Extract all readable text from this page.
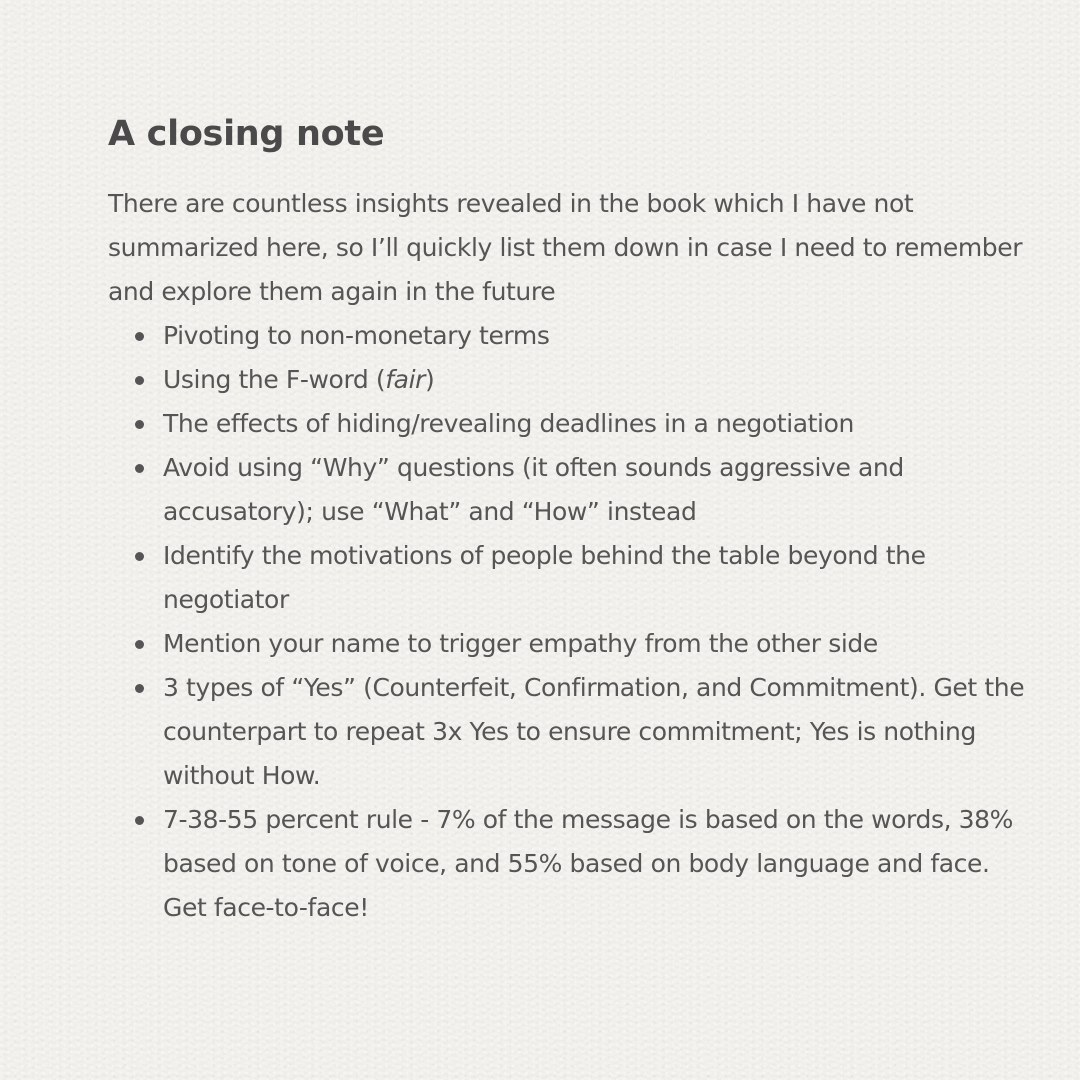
A closing note

There are countless insights revealed in the book which I have not summarized here, so I’ll quickly list them down in case I need to remember and explore them again in the future

Pivoting to non-monetary terms
Using the F-word (fair)
The effects of hiding/revealing deadlines in a negotiation
Avoid using “Why” questions (it often sounds aggressive and accusatory); use “What” and “How” instead
Identify the motivations of people behind the table beyond the negotiator
Mention your name to trigger empathy from the other side
3 types of “Yes” (Counterfeit, Confirmation, and Commitment). Get the counterpart to repeat 3x Yes to ensure commitment; Yes is nothing without How.
7-38-55 percent rule - 7% of the message is based on the words, 38% based on tone of voice, and 55% based on body language and face. Get face-to-face!
